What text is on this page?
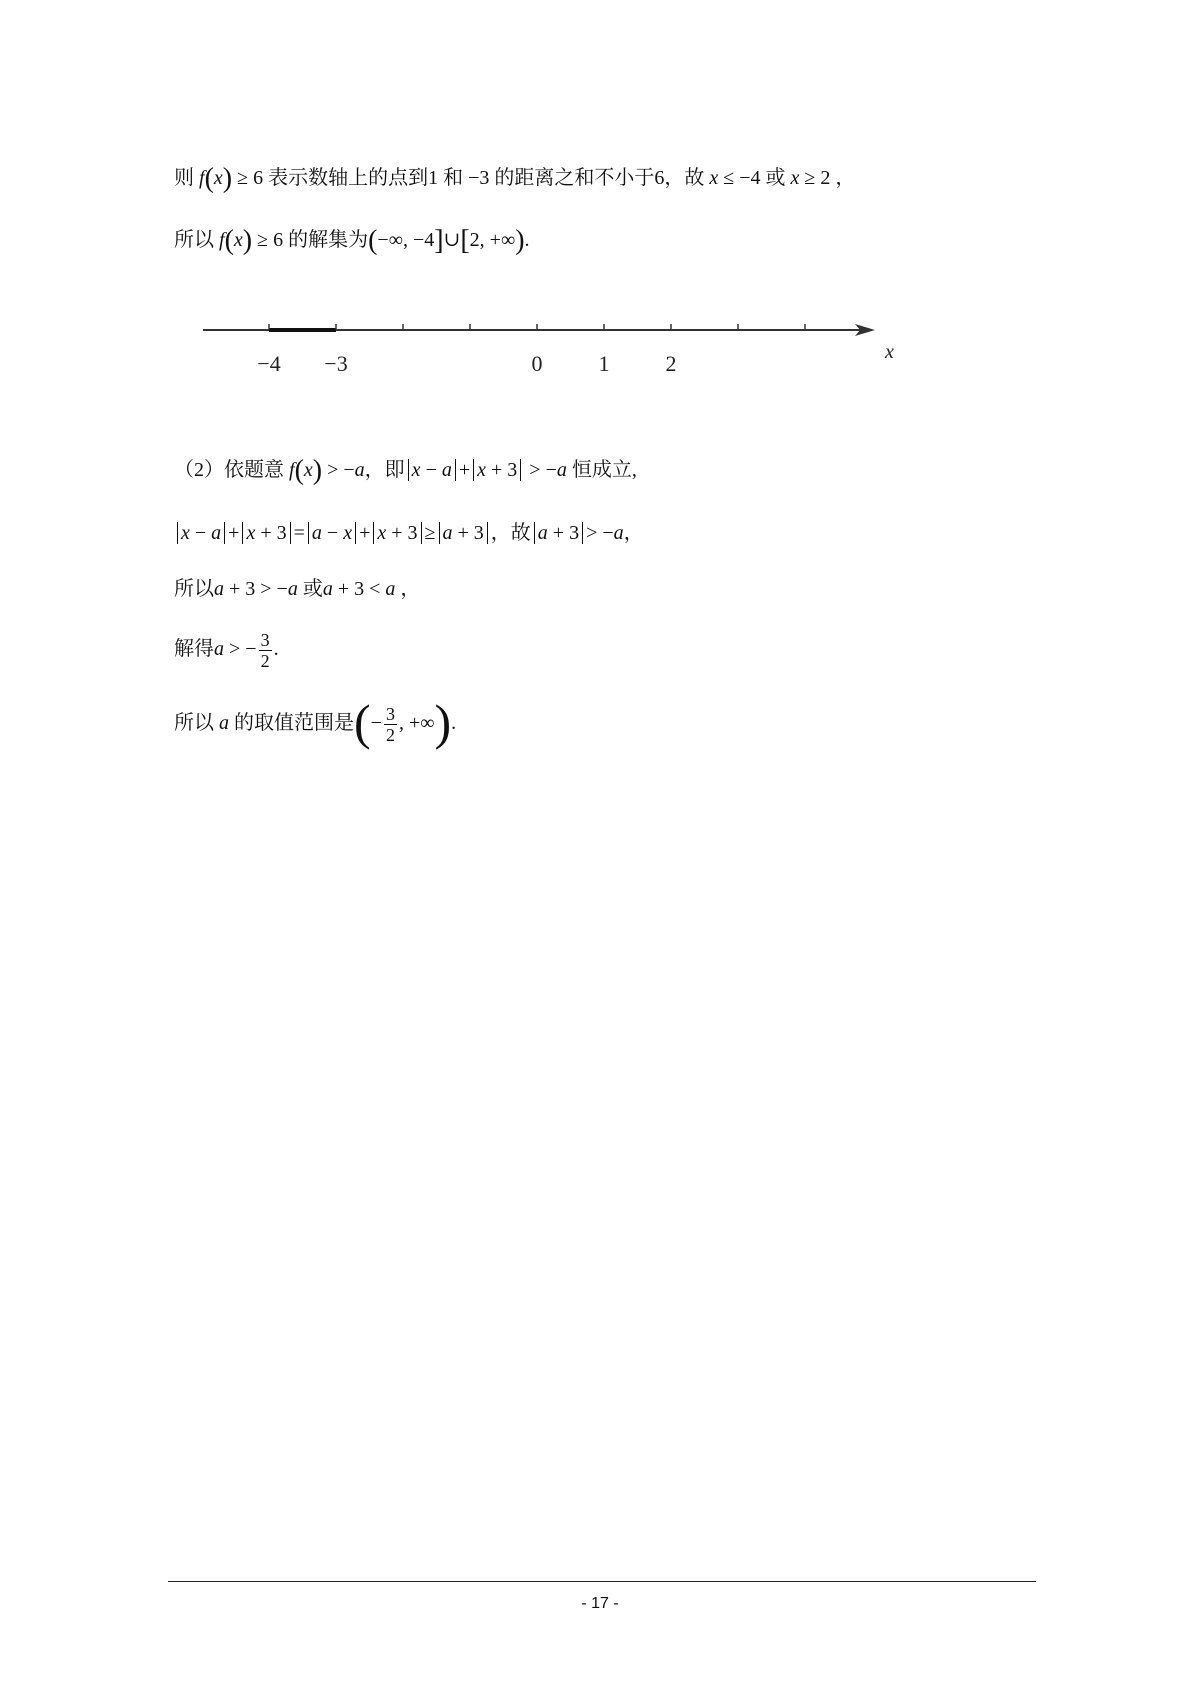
则 f(x) ≥ 6 表示数轴上的点到1 和 −3 的距离之和不小于6，故 x ≤ −4 或 x ≥ 2 ，
所以 f(x) ≥ 6 的解集为(−∞, −4]∪[2, +∞).
−4 −3	0	1	2	x
（2）依题意 f(x) > −a，即 x − a + x + 3 > −a 恒成立,
x − a + x + 3 = a − x + x + 3 ≥ a + 3 ，故 a + 3 > −a，
所以a + 3 > −a 或a + 3 < a ，
解得a > − $\frac{3}{2}$ .
所以 a 的取值范围是(− $\frac{3}{2}$ , +∞).
- 17 -
